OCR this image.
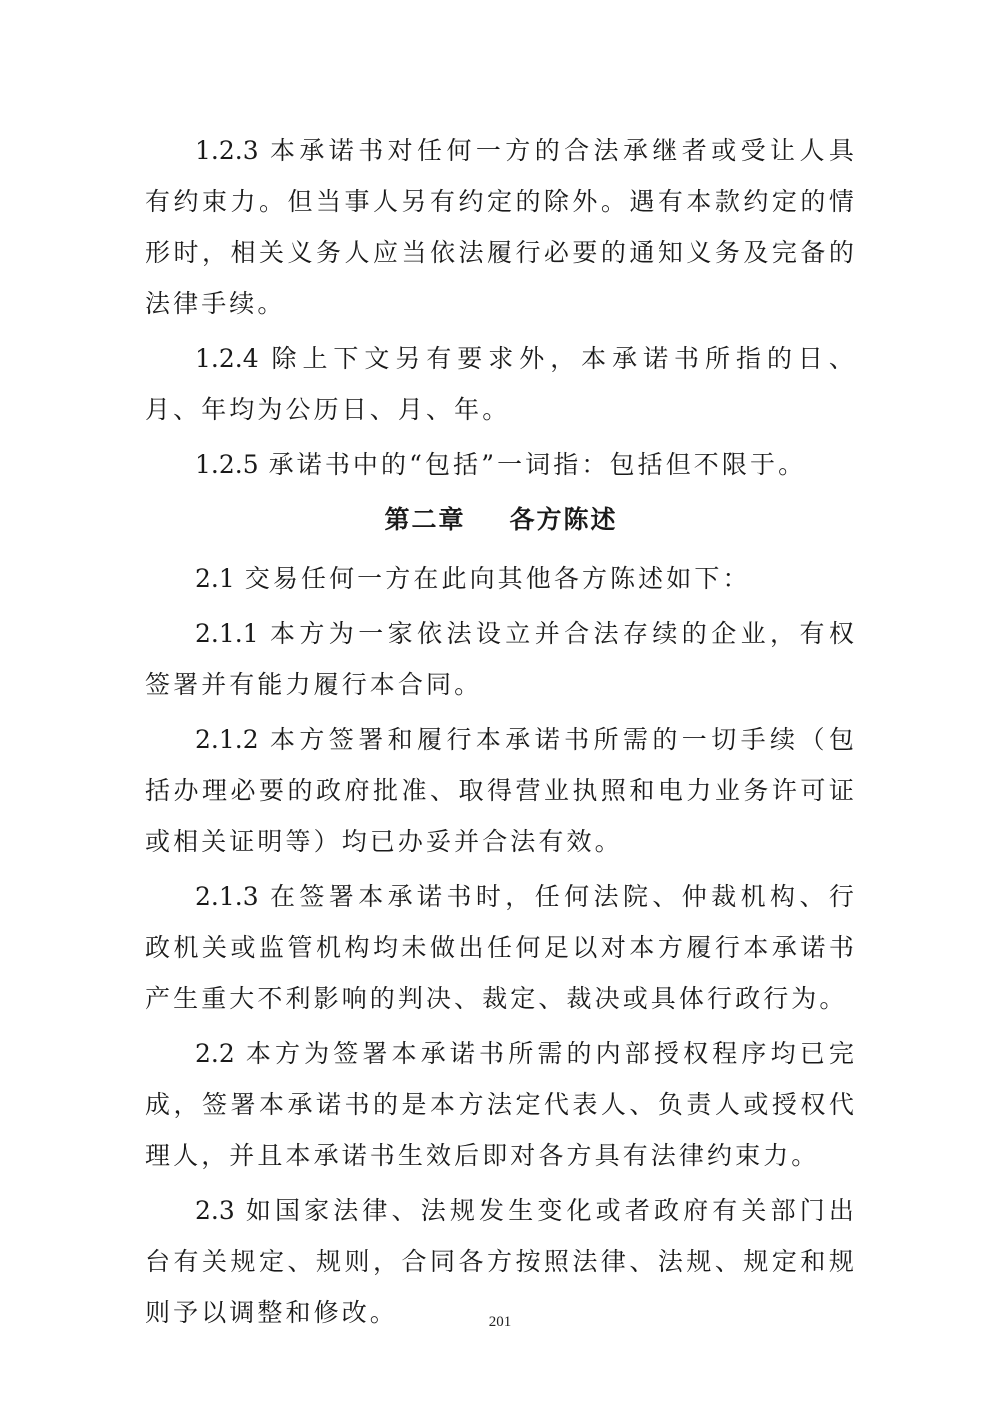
1.2.3 本承诺书对任何一方的合法承继者或受让人具有约束力。但当事人另有约定的除外。遇有本款约定的情形时，相关义务人应当依法履行必要的通知义务及完备的法律手续。

1.2.4 除上下文另有要求外，本承诺书所指的日、月、年均为公历日、月、年。

1.2.5 承诺书中的“包括”一词指：包括但不限于。

第二章 各方陈述

2.1 交易任何一方在此向其他各方陈述如下：

2.1.1 本方为一家依法设立并合法存续的企业，有权签署并有能力履行本合同。

2.1.2 本方签署和履行本承诺书所需的一切手续（包括办理必要的政府批准、取得营业执照和电力业务许可证或相关证明等）均已办妥并合法有效。

2.1.3 在签署本承诺书时，任何法院、仲裁机构、行政机关或监管机构均未做出任何足以对本方履行本承诺书产生重大不利影响的判决、裁定、裁决或具体行政行为。

2.2 本方为签署本承诺书所需的内部授权程序均已完成，签署本承诺书的是本方法定代表人、负责人或授权代理人，并且本承诺书生效后即对各方具有法律约束力。

2.3 如国家法律、法规发生变化或者政府有关部门出台有关规定、规则，合同各方按照法律、法规、规定和规则予以调整和修改。	201
